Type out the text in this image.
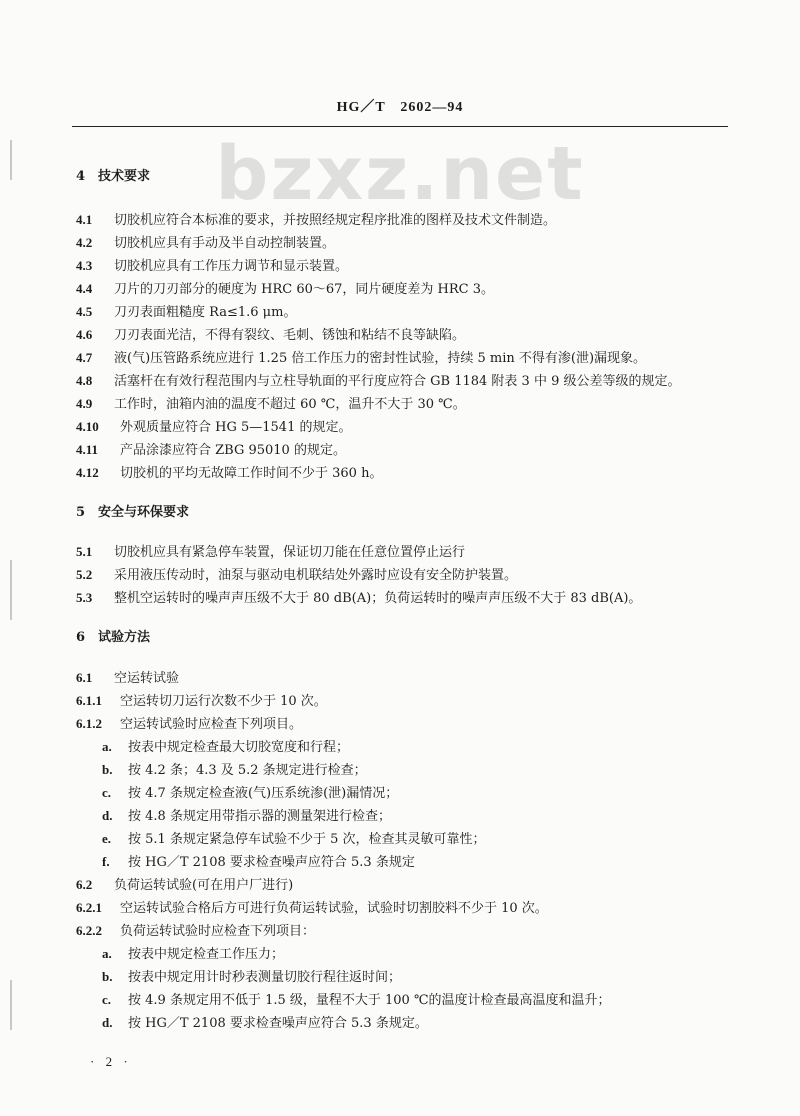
HG／T　2602—94
bzxz.net
4 技术要求
4.1 切胶机应符合本标准的要求，并按照经规定程序批准的图样及技术文件制造。
4.2 切胶机应具有手动及半自动控制装置。
4.3 切胶机应具有工作压力调节和显示装置。
4.4 刀片的刀刃部分的硬度为 HRC 60～67，同片硬度差为 HRC 3。
4.5 刀刃表面粗糙度 Ra≤1.6 μm。
4.6 刀刃表面光洁，不得有裂纹、毛刺、锈蚀和粘结不良等缺陷。
4.7 液(气)压管路系统应进行 1.25 倍工作压力的密封性试验，持续 5 min 不得有渗(泄)漏现象。
4.8 活塞杆在有效行程范围内与立柱导轨面的平行度应符合 GB 1184 附表 3 中 9 级公差等级的规定。
4.9 工作时，油箱内油的温度不超过 60 ℃，温升不大于 30 ℃。
4.10 外观质量应符合 HG 5—1541 的规定。
4.11 产品涂漆应符合 ZBG 95010 的规定。
4.12 切胶机的平均无故障工作时间不少于 360 h。
5 安全与环保要求
5.1 切胶机应具有紧急停车装置，保证切刀能在任意位置停止运行
5.2 采用液压传动时，油泵与驱动电机联结处外露时应设有安全防护装置。
5.3 整机空运转时的噪声声压级不大于 80 dB(A)；负荷运转时的噪声声压级不大于 83 dB(A)。
6 试验方法
6.1 空运转试验
6.1.1 空运转切刀运行次数不少于 10 次。
6.1.2 空运转试验时应检查下列项目。
a. 按表中规定检查最大切胶宽度和行程；
b. 按 4.2 条；4.3 及 5.2 条规定进行检查；
c. 按 4.7 条规定检查液(气)压系统渗(泄)漏情况；
d. 按 4.8 条规定用带指示器的测量架进行检查；
e. 按 5.1 条规定紧急停车试验不少于 5 次，检查其灵敏可靠性；
f. 按 HG／T 2108 要求检查噪声应符合 5.3 条规定
6.2 负荷运转试验(可在用户厂进行)
6.2.1 空运转试验合格后方可进行负荷运转试验，试验时切割胶料不少于 10 次。
6.2.2 负荷运转试验时应检查下列项目：
a. 按表中规定检查工作压力；
b. 按表中规定用计时秒表测量切胶行程往返时间；
c. 按 4.9 条规定用不低于 1.5 级，量程不大于 100 ℃的温度计检查最高温度和温升；
d. 按 HG／T 2108 要求检查噪声应符合 5.3 条规定。
· 2 ·
